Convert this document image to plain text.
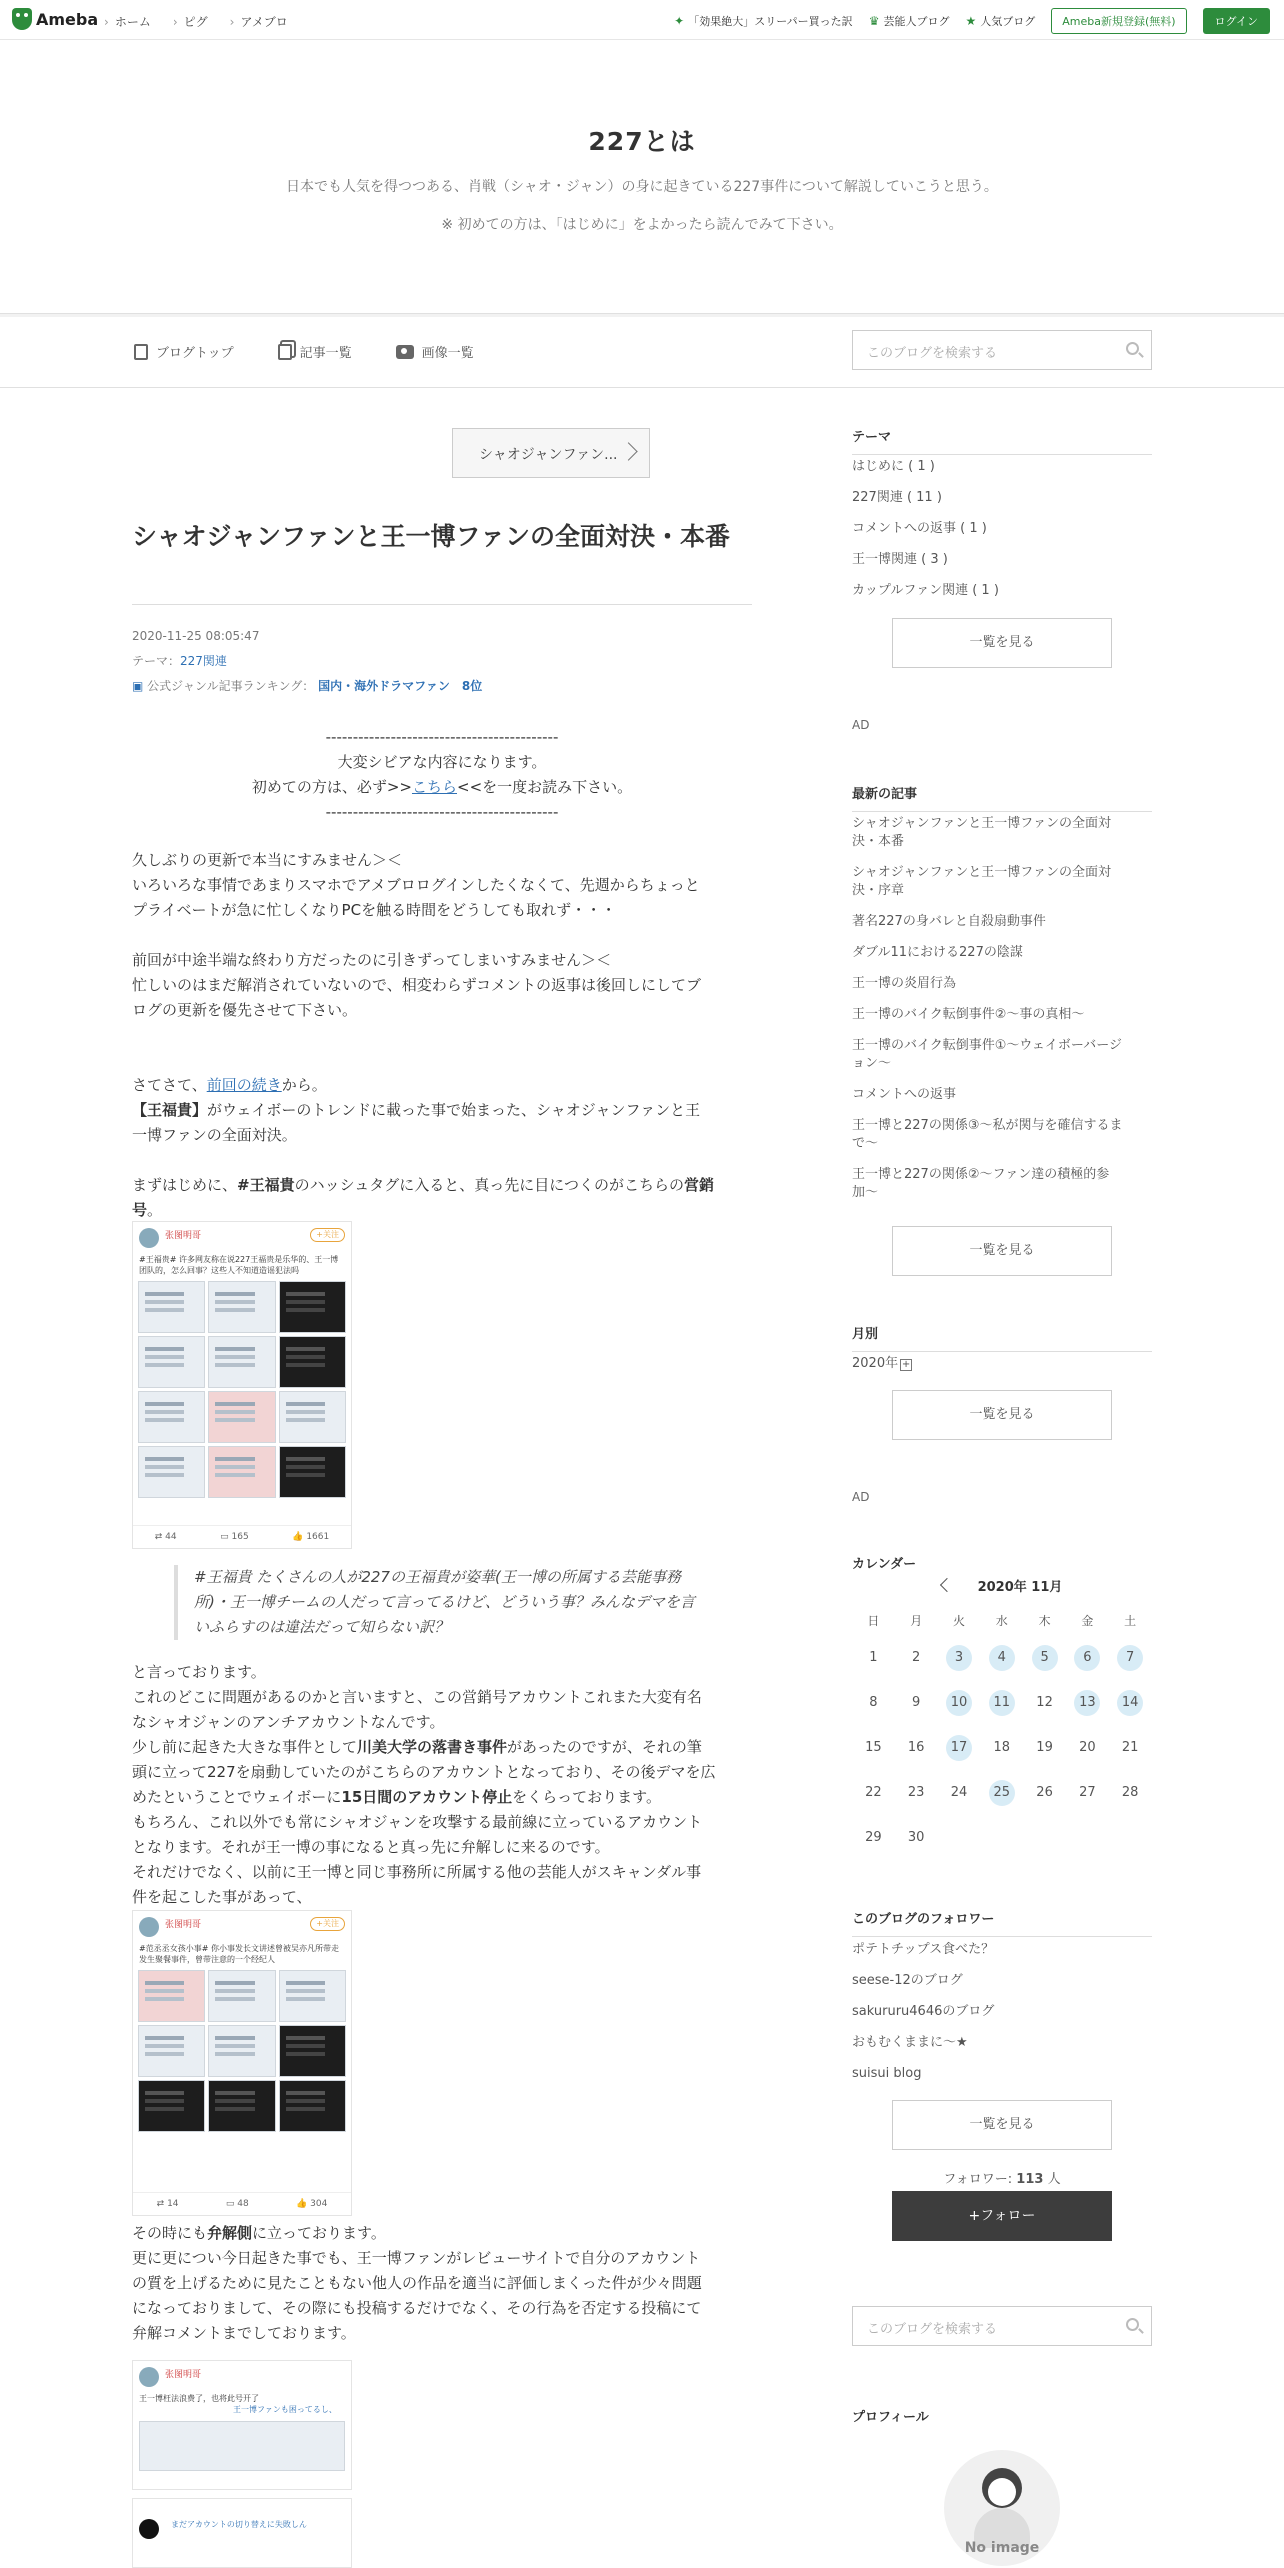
Ameba	› ホーム	› ピグ	› アメブロ	✦ 「効果絶大」スリーパー買った訳 ♛ 芸能人ブログ ★ 人気ブログ	Ameba新規登録(無料)	ログイン
227とは
日本でも人気を得つつある、肖戦（シャオ・ジャン）の身に起きている227事件について解説していこうと思う。
※ 初めての方は、「はじめに」をよかったら読んでみて下さい。
ブログトップ	記事一覧	画像一覧	このブログを検索する
シャオジャンファン...
シャオジャンファンと王一博ファンの全面対決・本番
2020-11-25 08:05:47
テーマ：227関連
▣ 公式ジャンル記事ランキング： 国内・海外ドラマファン　8位
-------------------------------------------
大変シビアな内容になります。
初めての方は、必ず>>こちら<<を一度お読み下さい。
-------------------------------------------
久しぶりの更新で本当にすみません＞＜
いろいろな事情であまりスマホでアメブロログインしたくなくて、先週からちょっと
プライベートが急に忙しくなりPCを触る時間をどうしても取れず・・・
前回が中途半端な終わり方だったのに引きずってしまいすみません＞＜
忙しいのはまだ解消されていないので、相変わらずコメントの返事は後回しにしてブ
ログの更新を優先させて下さい。
さてさて、前回の続きから。
【王福貴】がウェイボーのトレンドに載った事で始まった、シャオジャンファンと王
一博ファンの全面対決。
まずはじめに、#王福貴のハッシュタグに入ると、真っ先に目につくのがこちらの営銷
号。
张图明哥	+关注
#王福贵# 许多网友称在说227王福贵是乐华的、王一博团队的，怎么回事？这些人不知道造谣犯法吗
⇄ 44	▭ 165	👍 1661
#王福貴 たくさんの人が227の王福貴が姿華(王一博の所属する芸能事務
所)・王一博チームの人だって言ってるけど、どういう事？みんなデマを言
いふらすのは違法だって知らない訳？
と言っております。
これのどこに問題があるのかと言いますと、この営銷号アカウントこれまた大変有名
なシャオジャンのアンチアカウントなんです。
少し前に起きた大きな事件として川美大学の落書き事件があったのですが、それの筆
頭に立って227を扇動していたのがこちらのアカウントとなっており、その後デマを広
めたということでウェイボーに15日間のアカウント停止をくらっております。
もちろん、これ以外でも常にシャオジャンを攻撃する最前線に立っているアカウント
となります。それが王一博の事になると真っ先に弁解しに来るのです。
それだけでなく、以前に王一博と同じ事務所に所属する他の芸能人がスキャンダル事
件を起こした事があって、
张图明哥	+关注
#范丞丞女孩小事# 你小事发长文讲述曾被吴亦凡所带走发生聚餐事件，曾带注意的一个经纪人
⇄ 14	▭ 48	👍 304
その時にも弁解側に立っております。
更に更につい今日起きた事でも、王一博ファンがレビューサイトで自分のアカウント
の質を上げるために見たこともない他人の作品を適当に評価しまくった件が少々問題
になっておりまして、その際にも投稿するだけでなく、その行為を否定する投稿にて
弁解コメントまでしております。
张图明哥
王一博枉法浪费了，也将此号开了
王一博ファンも困ってるし、
まだアカウントの切り替えに失敗しん
テーマ
はじめに ( 1 )
227関連 ( 11 )
コメントへの返事 ( 1 )
王一博関連 ( 3 )
カップルファン関連 ( 1 )
一覧を見る
AD
最新の記事
シャオジャンファンと王一博ファンの全面対
決・本番
シャオジャンファンと王一博ファンの全面対
決・序章
著名227の身バレと自殺扇動事件
ダブル11における227の陰謀
王一博の炎眉行為
王一博のバイク転倒事件②〜事の真相〜
王一博のバイク転倒事件①〜ウェイボーバージ
ョン〜
コメントへの返事
王一博と227の関係③〜私が関与を確信するま
で〜
王一博と227の関係②〜ファン達の積極的参
加〜
一覧を見る
月別
2020年 +
一覧を見る
AD
カレンダー
2020年 11月
日	月	火	水	木	金	土
1	2	3	4	5	6	7
8	9	10	11	12	13	14
15	16	17	18	19	20	21
22	23	24	25	26	27	28
29	30
このブログのフォロワー
ポテトチップス食べた？
seese-12のブログ
sakururu4646のブログ
おもむくままに～★
suisui blog
一覧を見る
フォロワー: 113 人
+フォロー
このブログを検索する
プロフィール
No image
